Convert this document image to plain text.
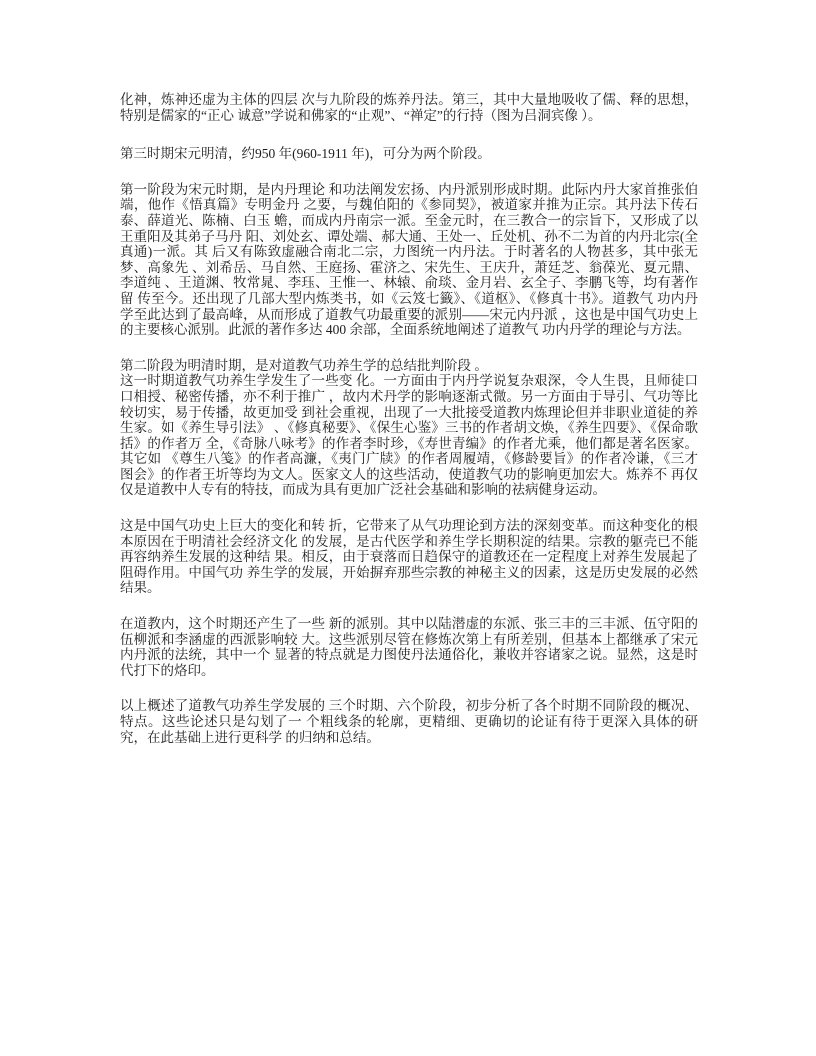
化神，炼神还虚为主体的四层 次与九阶段的炼养丹法。第三，其中大量地吸收了儒、释的思想，特别是儒家的“正心 诚意”学说和佛家的“止观”、“禅定”的行持（图为吕洞宾像 ）。

第三时期宋元明清，约950 年(960-1911 年)，可分为两个阶段。

第一阶段为宋元时期，是内丹理论 和功法阐发宏扬、内丹派别形成时期。此际内丹大家首推张伯端，他作《悟真篇》专明金丹 之要，与魏伯阳的《参同契》，被道家并推为正宗。其丹法下传石泰、薛道光、陈楠、白玉 蟾，而成内丹南宗一派。至金元时，在三教合一的宗旨下，又形成了以王重阳及其弟子马丹 阳、刘处玄、谭处端、郝大通、王处一、丘处机、孙不二为首的内丹北宗(全真通)一派。其 后又有陈致虚融合南北二宗，力图统一内丹法。于时著名的人物甚多，其中张无梦、高象先 、刘希岳、马自然、王庭扬、霍济之、宋先生、王庆升，萧廷芝、翁葆光、夏元鼎、李道纯 、王道渊、牧常晁、李珏、王惟一、林辕、俞琰、金月岩、玄全子、李鹏飞等，均有著作留 传至今。还出现了几部大型内炼类书，如《云笈七籤》、《道枢》、《修真十书》。道教气 功内丹学至此达到了最高峰，从而形成了道教气功最重要的派别——宋元内丹派 ，这也是中国气功史上的主要核心派别。此派的著作多达 400 余部，全面系统地阐述了道教气 功内丹学的理论与方法。

第二阶段为明清时期，是对道教气功养生学的总结批判阶段 。

这一时期道教气功养生学发生了一些变 化。一方面由于内丹学说复杂艰深，令人生畏，且师徒口口相授、秘密传播，亦不利于推广 ，故内术丹学的影响逐渐式微。另一方面由于导引、气功等比较切实，易于传播，故更加受 到社会重视，出现了一大批接受道教内炼理论但并非职业道徒的养生家。如《养生导引法》 、《修真秘要》、《保生心鉴》三书的作者胡文焕，《养生四要》、《保命歌括》的作者万 全，《奇脉八咏考》的作者李时珍，《寿世青编》的作者尤乘，他们都是著名医家。其它如 《尊生八笺》的作者高濂，《夷门广牍》的作者周履靖，《修龄要旨》的作者冷谦，《三才 图会》的作者王圻等均为文人。医家文人的这些活动，使道教气功的影响更加宏大。炼养不 再仅仅是道教中人专有的特技，而成为具有更加广泛社会基础和影响的祛病健身运动。

这是中国气功史上巨大的变化和转 折，它带来了从气功理论到方法的深刻变革。而这种变化的根本原因在于明清社会经济文化 的发展，是古代医学和养生学长期积淀的结果。宗教的躯壳已不能再容纳养生发展的这种结 果。相反，由于衰落而日趋保守的道教还在一定程度上对养生发展起了阻碍作用。中国气功 养生学的发展，开始摒弃那些宗教的神秘主义的因素，这是历史发展的必然结果。

在道教内，这个时期还产生了一些 新的派别。其中以陆潜虚的东派、张三丰的三丰派、伍守阳的伍柳派和李涵虚的西派影响较 大。这些派别尽管在修炼次第上有所差别，但基本上都继承了宋元内丹派的法统，其中一个 显著的特点就是力图使丹法通俗化，兼收并容诸家之说。显然，这是时代打下的烙印。

以上概述了道教气功养生学发展的 三个时期、六个阶段，初步分析了各个时期不同阶段的概况、特点。这些论述只是勾划了一 个粗线条的轮廓，更精细、更确切的论证有待于更深入具体的研究，在此基础上进行更科学 的归纳和总结。
